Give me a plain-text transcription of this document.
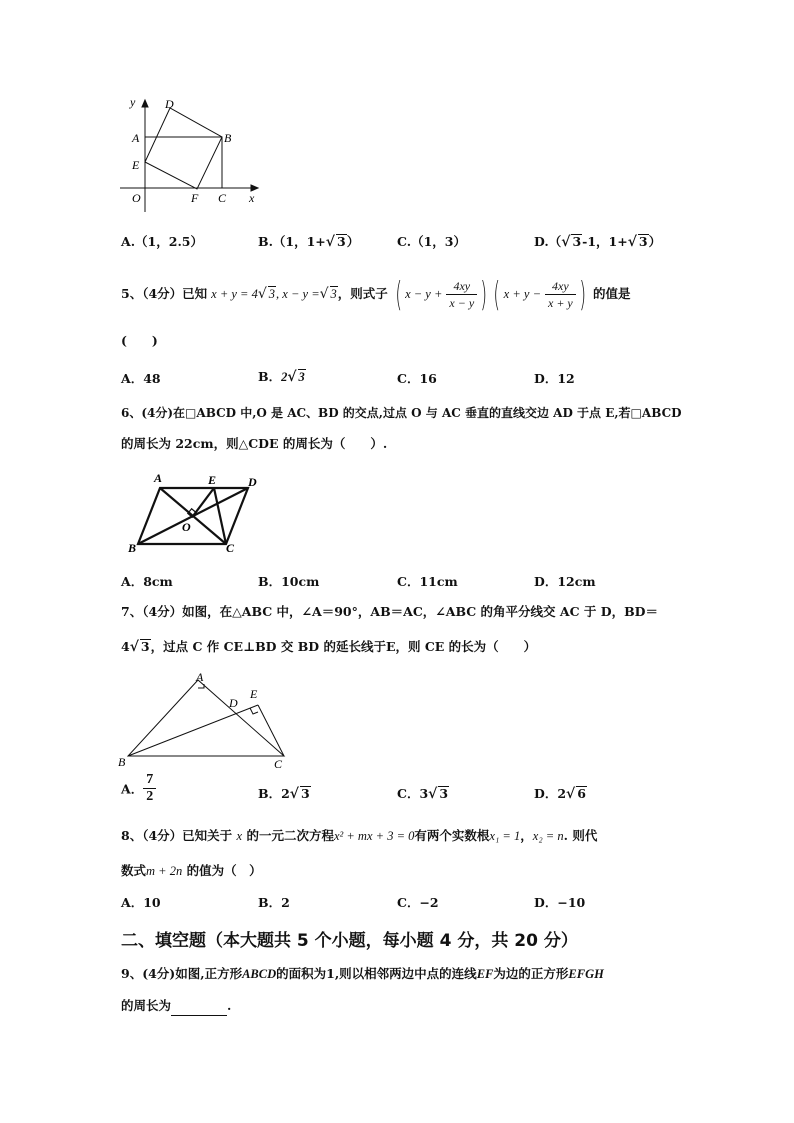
y
x
O
A	B
C
D
E
F
A.（1，2.5）	B.（1，1+√ 3）	C.（1，3）	D.（√ 3-1，1+√ 3）
5、（4分）已知 x + y = 4√ 3, x − y =√ 3，则式子 ( $x - y + \frac{4xy}{x - y}$ ) ( $x + y - \frac{4xy}{x + y}$ ) 的值是
(　　)
A．48	B．2√ 3	C．16	D．12
6、(4分)在□ABCD 中,O 是 AC、BD 的交点,过点 O 与 AC 垂直的直线交边 AD 于点 E,若□ABCD
的周长为 22cm，则△CDE 的周长为（　　）.
A	E	D
O
B	C
A．8cm	B．10cm	C．11cm	D．12cm
7、（4分）如图，在△ABC 中，∠A＝90°，AB＝AC，∠ABC 的角平分线交 AC 于 D，BD＝
4√ 3，过点 C 作 CE⊥BD 交 BD 的延长线于E，则 CE 的长为（　　）
A
D
E
B	C
A． $\frac{7}{2}$	B．2√ 3	C．3√ 3	D．2√ 6
8、（4分）已知关于 x 的一元二次方程x² + mx + 3 = 0有两个实数根x₁ = 1，x₂ = n. 则代
数式m + 2n 的值为（　）
A．10	B．2	C．−2	D．−10
二、填空题（本大题共 5 个小题，每小题 4 分，共 20 分）
9、(4分)如图,正方形ABCD的面积为1,则以相邻两边中点的连线EF为边的正方形EFGH
的周长为	.
